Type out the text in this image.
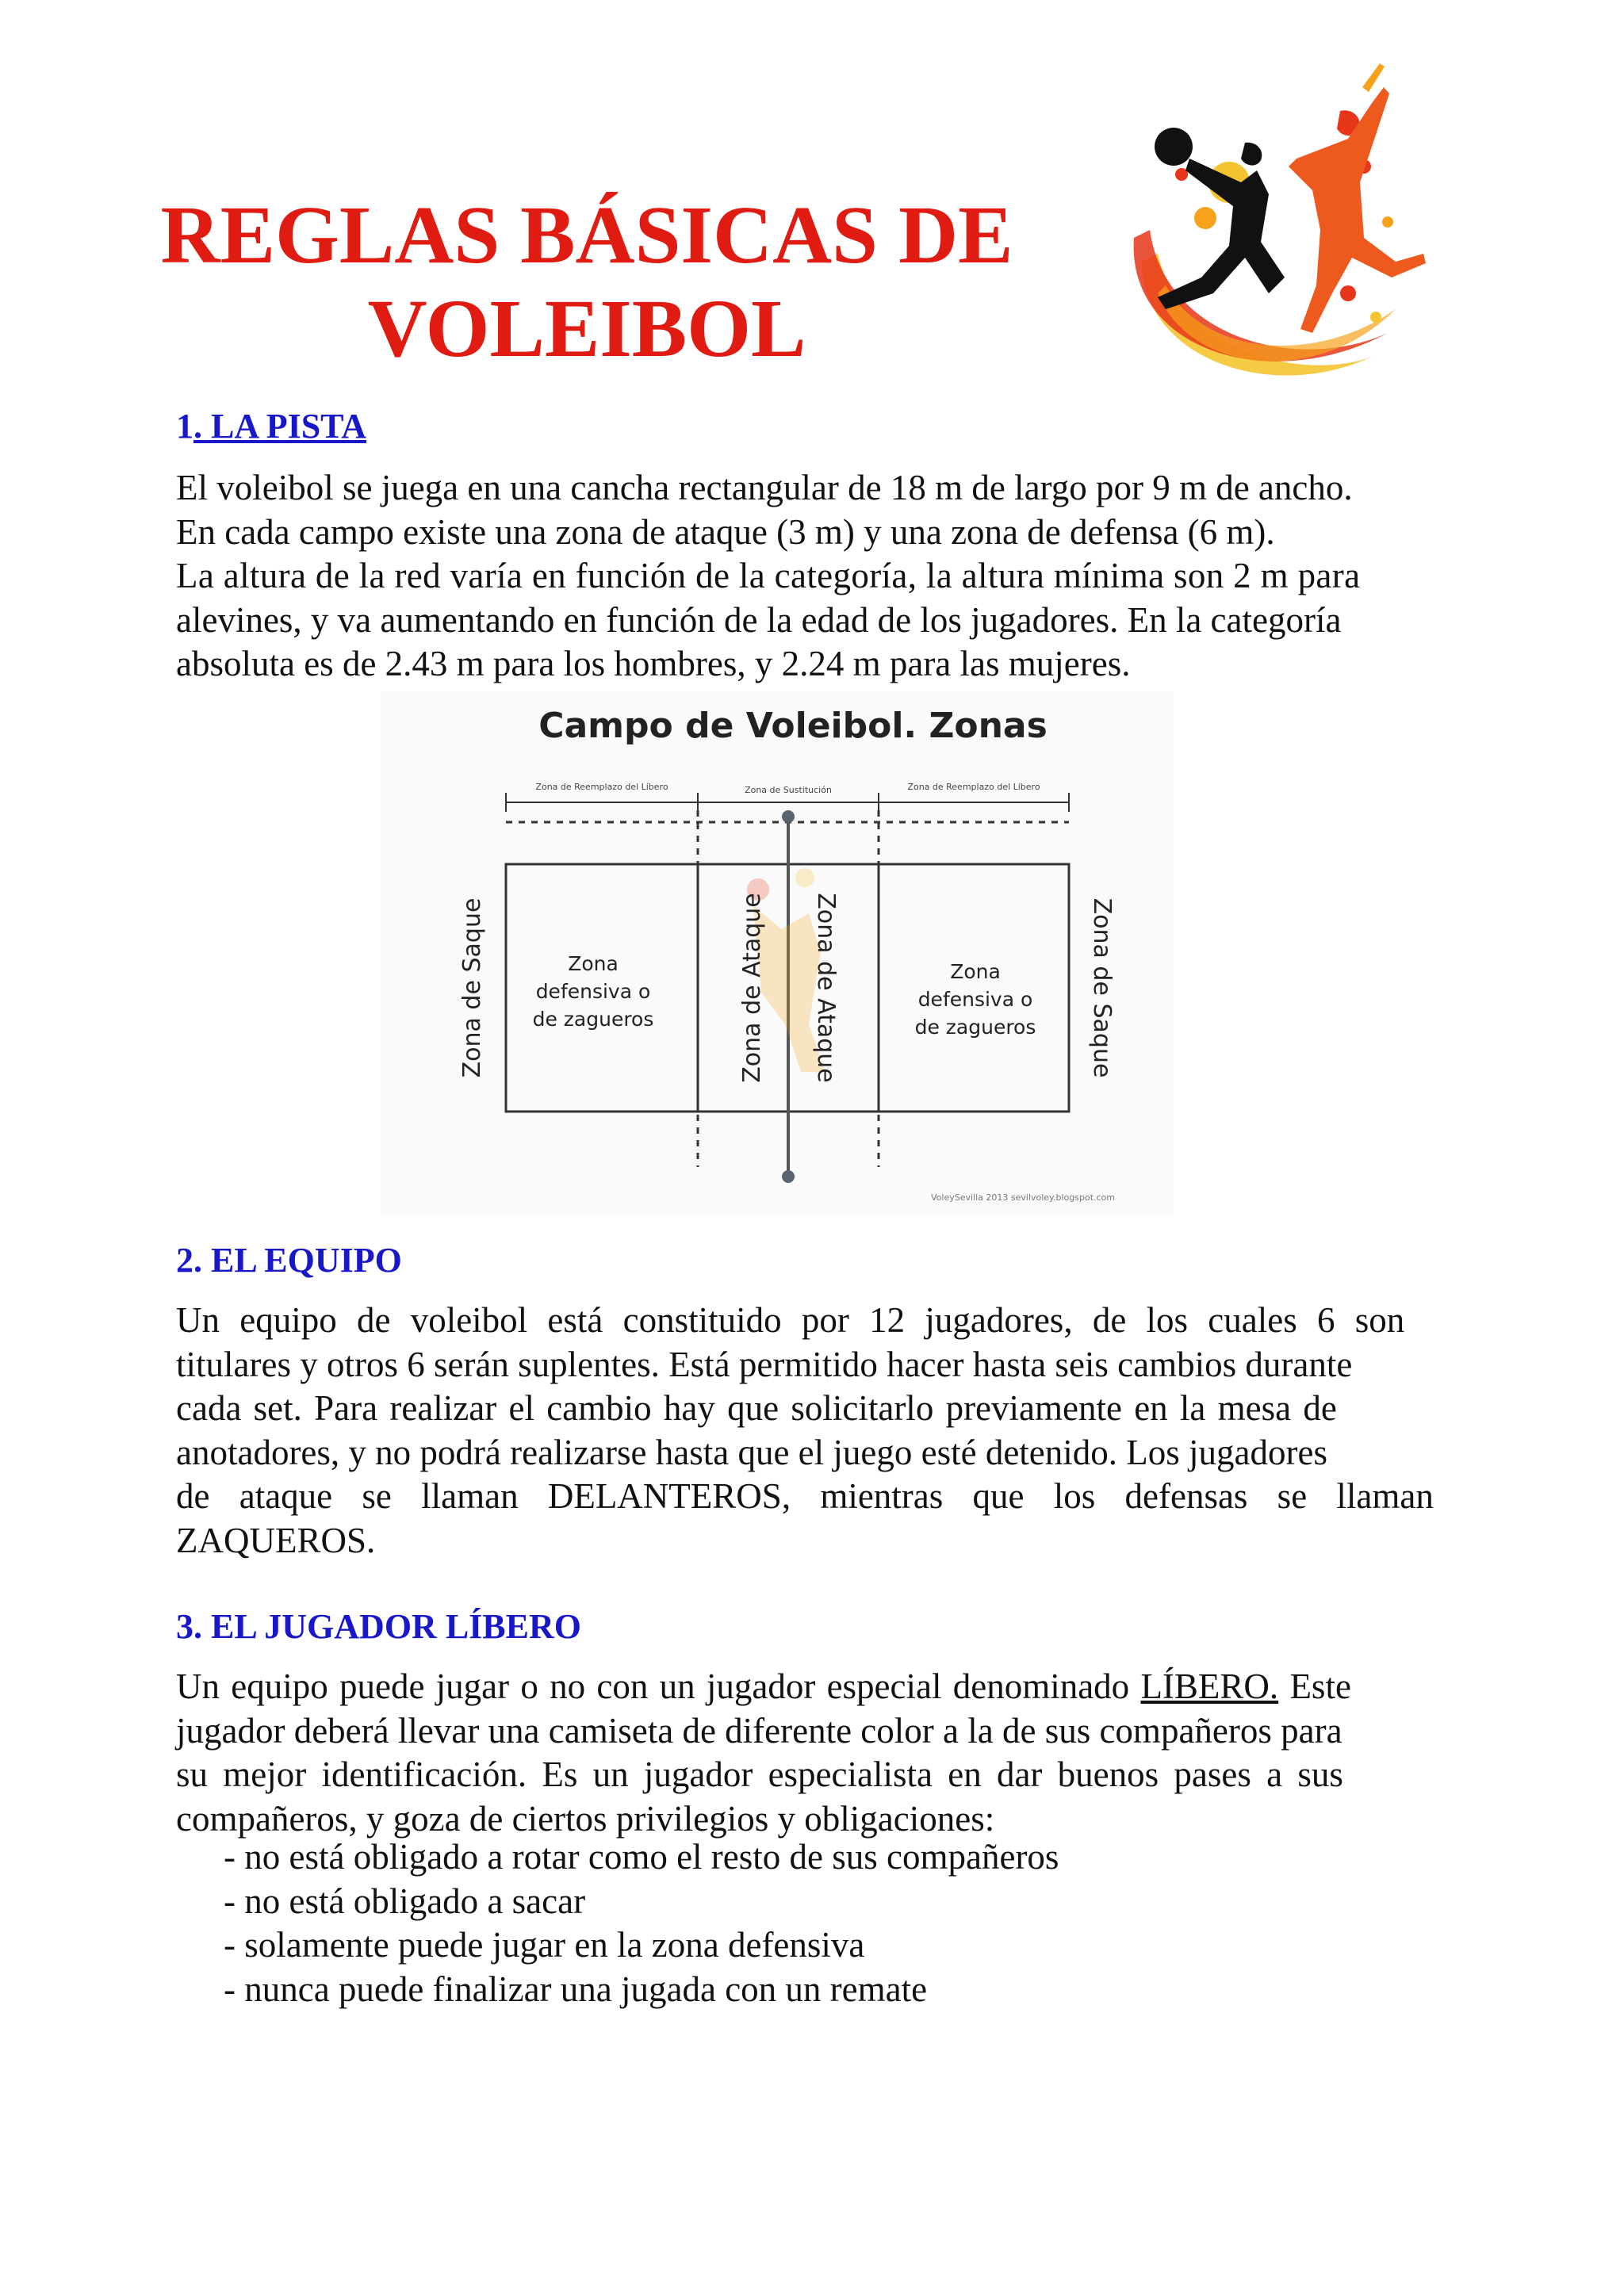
REGLAS BÁSICAS DE
VOLEIBOL
1. LA PISTA

El voleibol se juega en una cancha rectangular de 18 m de largo por 9 m de ancho.
En cada campo existe una zona de ataque (3 m) y una zona de defensa (6 m).
La altura de la red varía en función de la categoría, la altura mínima son 2 m para
alevines, y va aumentando en función de la edad de los jugadores. En la categoría
absoluta es de 2.43 m para los hombres, y 2.24 m para las mujeres.

Campo de Voleibol. Zonas
Zona de Reemplazo del Líbero	Zona de Sustitución	Zona de Reemplazo del Líbero
Zona de Saque	Zona de Ataque Zona de Ataque	Zona de Saque
Zona
defensiva o
de zagueros
Zona
defensiva o
de zagueros
VoleySevilla 2013 sevilvoley.blogspot.com
2. EL EQUIPO

Un equipo de voleibol está constituido por 12 jugadores, de los cuales 6 son
titulares y otros 6 serán suplentes. Está permitido hacer hasta seis cambios durante
cada set. Para realizar el cambio hay que solicitarlo previamente en la mesa de
anotadores, y no podrá realizarse hasta que el juego esté detenido. Los jugadores
de ataque se llaman DELANTEROS, mientras que los defensas se llaman
ZAQUEROS.

3. EL JUGADOR LÍBERO

Un equipo puede jugar o no con un jugador especial denominado LÍBERO. Este
jugador deberá llevar una camiseta de diferente color a la de sus compañeros para
su mejor identificación. Es un jugador especialista en dar buenos pases a sus
compañeros, y goza de ciertos privilegios y obligaciones:

- no está obligado a rotar como el resto de sus compañeros
- no está obligado a sacar
- solamente puede jugar en la zona defensiva
- nunca puede finalizar una jugada con un remate
